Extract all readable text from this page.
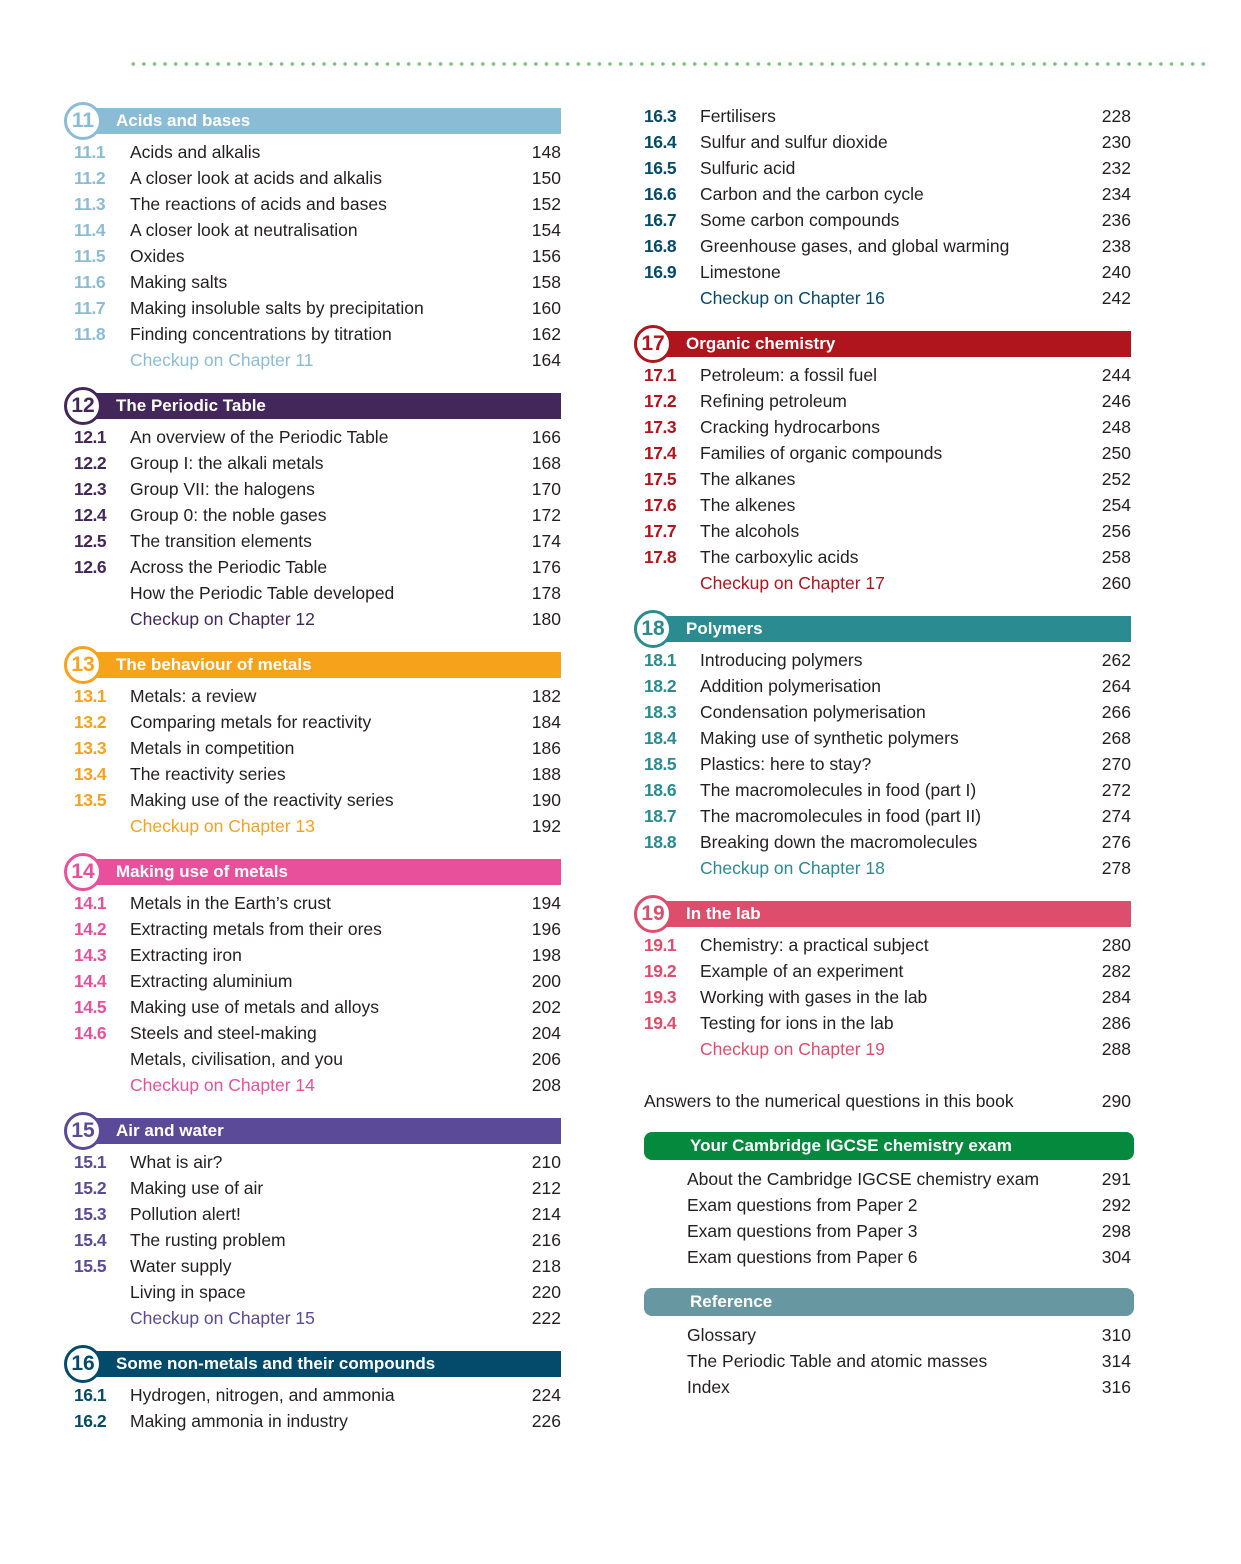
11	Acids and bases
11.1 Acids and alkalis	148
11.2 A closer look at acids and alkalis	150
11.3 The reactions of acids and bases	152
11.4 A closer look at neutralisation	154
11.5 Oxides	156
11.6 Making salts	158
11.7 Making insoluble salts by precipitation	160
11.8 Finding concentrations by titration	162
Checkup on Chapter 11	164
12	The Periodic Table
12.1 An overview of the Periodic Table	166
12.2 Group I: the alkali metals	168
12.3 Group VII: the halogens	170
12.4 Group 0: the noble gases	172
12.5 The transition elements	174
12.6 Across the Periodic Table	176
How the Periodic Table developed	178
Checkup on Chapter 12	180
13	The behaviour of metals
13.1 Metals: a review	182
13.2 Comparing metals for reactivity	184
13.3 Metals in competition	186
13.4 The reactivity series	188
13.5 Making use of the reactivity series	190
Checkup on Chapter 13	192
14	Making use of metals
14.1 Metals in the Earth’s crust	194
14.2 Extracting metals from their ores	196
14.3 Extracting iron	198
14.4 Extracting aluminium	200
14.5 Making use of metals and alloys	202
14.6 Steels and steel-making	204
Metals, civilisation, and you	206
Checkup on Chapter 14	208
15	Air and water
15.1 What is air?	210
15.2 Making use of air	212
15.3 Pollution alert!	214
15.4 The rusting problem	216
15.5 Water supply	218
Living in space	220
Checkup on Chapter 15	222
16	Some non-metals and their compounds
16.1 Hydrogen, nitrogen, and ammonia	224
16.2 Making ammonia in industry	226
16.3 Fertilisers	228
16.4 Sulfur and sulfur dioxide	230
16.5 Sulfuric acid	232
16.6 Carbon and the carbon cycle	234
16.7 Some carbon compounds	236
16.8 Greenhouse gases, and global warming	238
16.9 Limestone	240
Checkup on Chapter 16	242
17	Organic chemistry
17.1 Petroleum: a fossil fuel	244
17.2 Refining petroleum	246
17.3 Cracking hydrocarbons	248
17.4 Families of organic compounds	250
17.5 The alkanes	252
17.6 The alkenes	254
17.7 The alcohols	256
17.8 The carboxylic acids	258
Checkup on Chapter 17	260
18	Polymers
18.1 Introducing polymers	262
18.2 Addition polymerisation	264
18.3 Condensation polymerisation	266
18.4 Making use of synthetic polymers	268
18.5 Plastics: here to stay?	270
18.6 The macromolecules in food (part I)	272
18.7 The macromolecules in food (part II)	274
18.8 Breaking down the macromolecules	276
Checkup on Chapter 18	278
19	In the lab
19.1 Chemistry: a practical subject	280
19.2 Example of an experiment	282
19.3 Working with gases in the lab	284
19.4 Testing for ions in the lab	286
Checkup on Chapter 19	288
Answers to the numerical questions in this book	290
Your Cambridge IGCSE chemistry exam
About the Cambridge IGCSE chemistry exam	291
Exam questions from Paper 2	292
Exam questions from Paper 3	298
Exam questions from Paper 6	304
Reference
Glossary	310
The Periodic Table and atomic masses	314
Index	316
